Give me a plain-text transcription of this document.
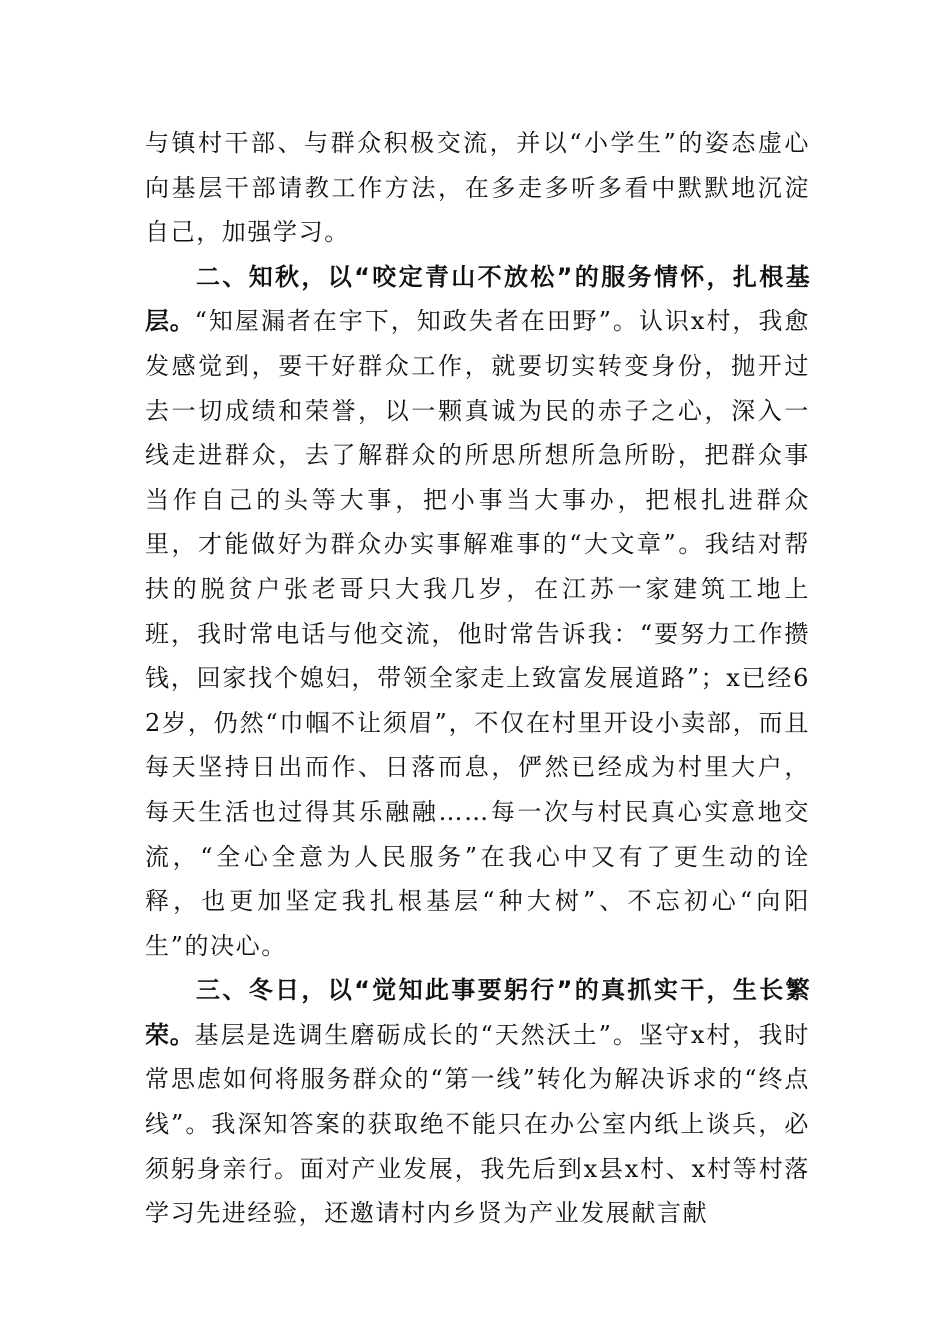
与镇村干部、与群众积极交流，并以“小学生”的姿态虚心向基层干部请教工作方法，在多走多听多看中默默地沉淀自己，加强学习。

二、知秋，以“咬定青山不放松”的服务情怀，扎根基层。“知屋漏者在宇下，知政失者在田野”。认识x村，我愈发感觉到，要干好群众工作，就要切实转变身份，抛开过去一切成绩和荣誉，以一颗真诚为民的赤子之心，深入一线走进群众，去了解群众的所思所想所急所盼，把群众事当作自己的头等大事，把小事当大事办，把根扎进群众里，才能做好为群众办实事解难事的“大文章”。我结对帮扶的脱贫户张老哥只大我几岁，在江苏一家建筑工地上班，我时常电话与他交流，他时常告诉我：“要努力工作攒钱，回家找个媳妇，带领全家走上致富发展道路”；x已经62岁，仍然“巾帼不让须眉”，不仅在村里开设小卖部，而且每天坚持日出而作、日落而息，俨然已经成为村里大户，每天生活也过得其乐融融……每一次与村民真心实意地交流，“全心全意为人民服务”在我心中又有了更生动的诠释，也更加坚定我扎根基层“种大树”、不忘初心“向阳生”的决心。

三、冬日，以“觉知此事要躬行”的真抓实干，生长繁荣。基层是选调生磨砺成长的“天然沃土”。坚守x村，我时常思虑如何将服务群众的“第一线”转化为解决诉求的“终点线”。我深知答案的获取绝不能只在办公室内纸上谈兵，必须躬身亲行。面对产业发展，我先后到x县x村、x村等村落学习先进经验，还邀请村内乡贤为产业发展献言献
